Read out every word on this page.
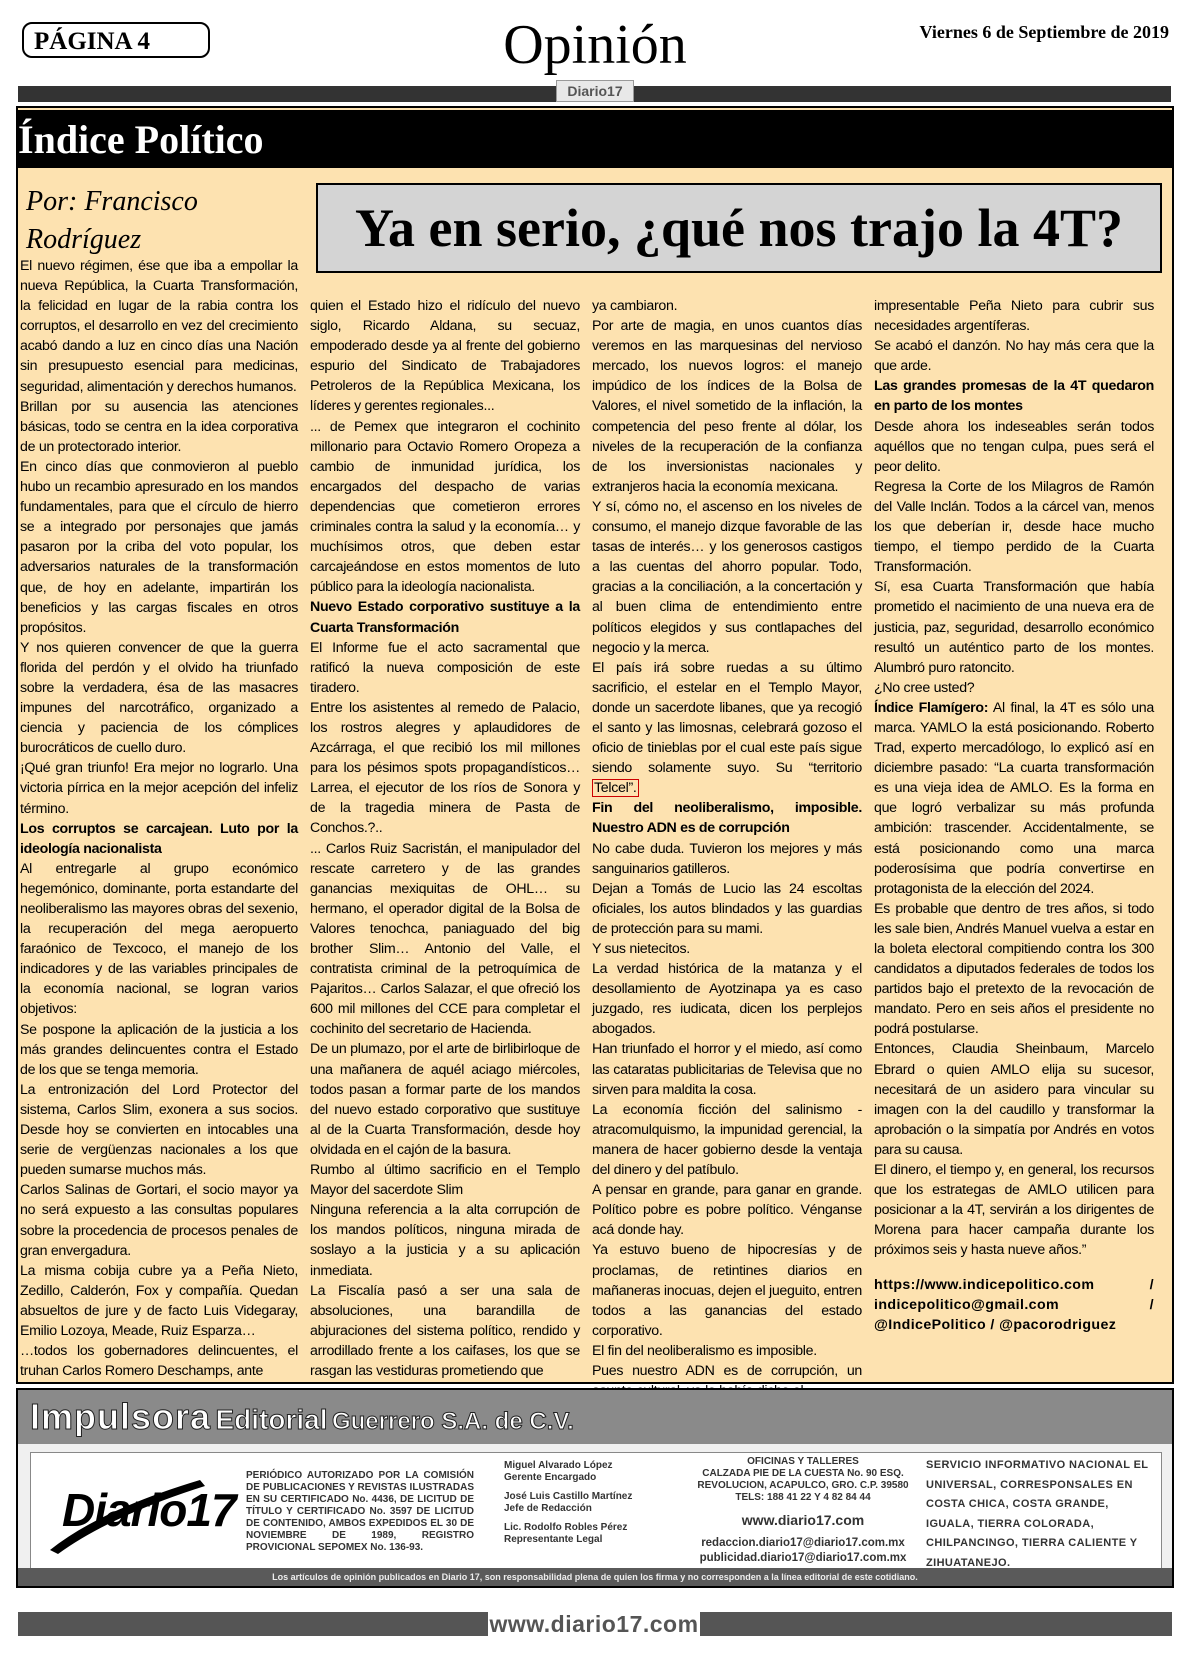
PÁGINA 4	Opinión	Viernes 6 de Septiembre de 2019
Diario17
Índice Político
Por: Francisco Rodríguez	Ya en serio, ¿qué nos trajo la 4T?

El nuevo régimen, ése que iba a empollar la nueva República, la Cuarta Transformación, la felicidad en lugar de la rabia contra los corruptos, el desarrollo en vez del crecimiento acabó dando a luz en cinco días una Nación sin presupuesto esencial para medicinas, seguridad, alimentación y derechos humanos.

Brillan por su ausencia las atenciones básicas, todo se centra en la idea corporativa de un protectorado interior.

En cinco días que conmovieron al pueblo hubo un recambio apresurado en los mandos fundamentales, para que el círculo de hierro se a integrado por personajes que jamás pasaron por la criba del voto popular, los adversarios naturales de la transformación que, de hoy en adelante, impartirán los beneficios y las cargas fiscales en otros propósitos.

Y nos quieren convencer de que la guerra florida del perdón y el olvido ha triunfado sobre la verdadera, ésa de las masacres impunes del narcotráfico, organizado a ciencia y paciencia de los cómplices burocráticos de cuello duro.

¡Qué gran triunfo! Era mejor no lograrlo. Una victoria pírrica en la mejor acepción del infeliz término.

Los corruptos se carcajean. Luto por la ideología nacionalista

Al entregarle al grupo económico hegemónico, dominante, porta estandarte del neoliberalismo las mayores obras del sexenio, la recuperación del mega aeropuerto faraónico de Texcoco, el manejo de los indicadores y de las variables principales de la economía nacional, se logran varios objetivos:

Se pospone la aplicación de la justicia a los más grandes delincuentes contra el Estado de los que se tenga memoria.

La entronización del Lord Protector del sistema, Carlos Slim, exonera a sus socios. Desde hoy se convierten en intocables una serie de vergüenzas nacionales a los que pueden sumarse muchos más.

Carlos Salinas de Gortari, el socio mayor ya no será expuesto a las consultas populares sobre la procedencia de procesos penales de gran envergadura.

La misma cobija cubre ya a Peña Nieto, Zedillo, Calderón, Fox y compañía. Quedan absueltos de jure y de facto Luis Videgaray, Emilio Lozoya, Meade, Ruiz Esparza…

…todos los gobernadores delincuentes, el truhan Carlos Romero Deschamps, ante

quien el Estado hizo el ridículo del nuevo siglo, Ricardo Aldana, su secuaz, empoderado desde ya al frente del gobierno espurio del Sindicato de Trabajadores Petroleros de la República Mexicana, los líderes y gerentes regionales...

... de Pemex que integraron el cochinito millonario para Octavio Romero Oropeza a cambio de inmunidad jurídica, los encargados del despacho de varias dependencias que cometieron errores criminales contra la salud y la economía… y muchísimos otros, que deben estar carcajeándose en estos momentos de luto público para la ideología nacionalista.

Nuevo Estado corporativo sustituye a la Cuarta Transformación

El Informe fue el acto sacramental que ratificó la nueva composición de este tiradero.

Entre los asistentes al remedo de Palacio, los rostros alegres y aplaudidores de Azcárraga, el que recibió los mil millones para los pésimos spots propagandísticos… Larrea, el ejecutor de los ríos de Sonora y de la tragedia minera de Pasta de Conchos.?..

... Carlos Ruiz Sacristán, el manipulador del rescate carretero y de las grandes ganancias mexiquitas de OHL… su hermano, el operador digital de la Bolsa de Valores tenochca, paniaguado del big brother Slim… Antonio del Valle, el contratista criminal de la petroquímica de Pajaritos… Carlos Salazar, el que ofreció los 600 mil millones del CCE para completar el cochinito del secretario de Hacienda.

De un plumazo, por el arte de birlibirloque de una mañanera de aquél aciago miércoles, todos pasan a formar parte de los mandos del nuevo estado corporativo que sustituye al de la Cuarta Transformación, desde hoy olvidada en el cajón de la basura.

Rumbo al último sacrificio en el Templo Mayor del sacerdote Slim

Ninguna referencia a la alta corrupción de los mandos políticos, ninguna mirada de soslayo a la justicia y a su aplicación inmediata.

La Fiscalía pasó a ser una sala de absoluciones, una barandilla de abjuraciones del sistema político, rendido y arrodillado frente a los caifases, los que se rasgan las vestiduras prometiendo que

ya cambiaron.

Por arte de magia, en unos cuantos días veremos en las marquesinas del nervioso mercado, los nuevos logros: el manejo impúdico de los índices de la Bolsa de Valores, el nivel sometido de la inflación, la competencia del peso frente al dólar, los niveles de la recuperación de la confianza de los inversionistas nacionales y extranjeros hacia la economía mexicana.

Y sí, cómo no, el ascenso en los niveles de consumo, el manejo dizque favorable de las tasas de interés… y los generosos castigos a las cuentas del ahorro popular. Todo, gracias a la conciliación, a la concertación y al buen clima de entendimiento entre políticos elegidos y sus contlapaches del negocio y la merca.

El país irá sobre ruedas a su último sacrificio, el estelar en el Templo Mayor, donde un sacerdote libanes, que ya recogió el santo y las limosnas, celebrará gozoso el oficio de tinieblas por el cual este país sigue siendo solamente suyo. Su “territorio Telcel”.

Fin del neoliberalismo, imposible. Nuestro ADN es de corrupción

No cabe duda. Tuvieron los mejores y más sanguinarios gatilleros.

Dejan a Tomás de Lucio las 24 escoltas oficiales, los autos blindados y las guardias de protección para su mami.

Y sus nietecitos.

La verdad histórica de la matanza y el desollamiento de Ayotzinapa ya es caso juzgado, res iudicata, dicen los perplejos abogados.

Han triunfado el horror y el miedo, así como las cataratas publicitarias de Televisa que no sirven para maldita la cosa.

La economía ficción del salinismo - atracomulquismo, la impunidad gerencial, la manera de hacer gobierno desde la ventaja del dinero y del patíbulo.

A pensar en grande, para ganar en grande. Político pobre es pobre político. Vénganse acá donde hay.

Ya estuvo bueno de hipocresías y de proclamas, de retintines diarios en mañaneras inocuas, dejen el jueguito, entren todos a las ganancias del estado corporativo.

El fin del neoliberalismo es imposible.

Pues nuestro ADN es de corrupción, un

impresentable Peña Nieto para cubrir sus necesidades argentíferas.

Se acabó el danzón. No hay más cera que la que arde.

Las grandes promesas de la 4T quedaron en parto de los montes

Desde ahora los indeseables serán todos aquéllos que no tengan culpa, pues será el peor delito.

Regresa la Corte de los Milagros de Ramón del Valle Inclán. Todos a la cárcel van, menos los que deberían ir, desde hace mucho tiempo, el tiempo perdido de la Cuarta Transformación.

Sí, esa Cuarta Transformación que había prometido el nacimiento de una nueva era de justicia, paz, seguridad, desarrollo económico resultó un auténtico parto de los montes. Alumbró puro ratoncito.

¿No cree usted?

Índice Flamígero: Al final, la 4T es sólo una marca. YAMLO la está posicionando. Roberto Trad, experto mercadólogo, lo explicó así en diciembre pasado: “La cuarta transformación es una vieja idea de AMLO. Es la forma en que logró verbalizar su más profunda ambición: trascender. Accidentalmente, se está posicionando como una marca poderosísima que podría convertirse en protagonista de la elección del 2024.

Es probable que dentro de tres años, si todo les sale bien, Andrés Manuel vuelva a estar en la boleta electoral compitiendo contra los 300 candidatos a diputados federales de todos los partidos bajo el pretexto de la revocación de mandato. Pero en seis años el presidente no podrá postularse.

Entonces, Claudia Sheinbaum, Marcelo Ebrard o quien AMLO elija su sucesor, necesitará de un asidero para vincular su imagen con la del caudillo y transformar la aprobación o la simpatía por Andrés en votos para su causa.

El dinero, el tiempo y, en general, los recursos que los estrategas de AMLO utilicen para posicionar a la 4T, servirán a los dirigentes de Morena para hacer campaña durante los próximos seis y hasta nueve años.”

https://www.indicepolitico.com / indicepolitico@gmail.com / @IndicePolitico / @pacorodriguez

Impulsora Editorial Guerrero S.A. de C.V.
Diario17
PERIÓDICO AUTORIZADO POR LA COMISIÓN DE PUBLICACIONES Y REVISTAS ILUSTRADAS EN SU CERTIFICADO No. 4436, DE LICITUD DE TÍTULO Y CERTIFICADO No. 3597 DE LICITUD DE CONTENIDO, AMBOS EXPEDIDOS EL 30 DE NOVIEMBRE DE 1989, REGISTRO PROVICIONAL SEPOMEX No. 136-93.

Miguel Alvarado López
Gerente Encargado

José Luis Castillo Martínez
Jefe de Redacción

Lic. Rodolfo Robles Pérez
Representante Legal

OFICINAS Y TALLERES
CALZADA PIE DE LA CUESTA No. 90 ESQ. REVOLUCION, ACAPULCO, GRO. C.P. 39580 TELS: 188 41 22 Y 4 82 84 44
www.diario17.com
redaccion.diario17@diario17.com.mx
publicidad.diario17@diario17.com.mx
SERVICIO INFORMATIVO NACIONAL EL UNIVERSAL, CORRESPONSALES EN COSTA CHICA, COSTA GRANDE, IGUALA, TIERRA COLORADA, CHILPANCINGO, TIERRA CALIENTE Y ZIHUATANEJO.
Los artículos de opinión publicados en Diario 17, son responsabilidad plena de quien los firma y no corresponden a la línea editorial de este cotidiano.
www.diario17.com
